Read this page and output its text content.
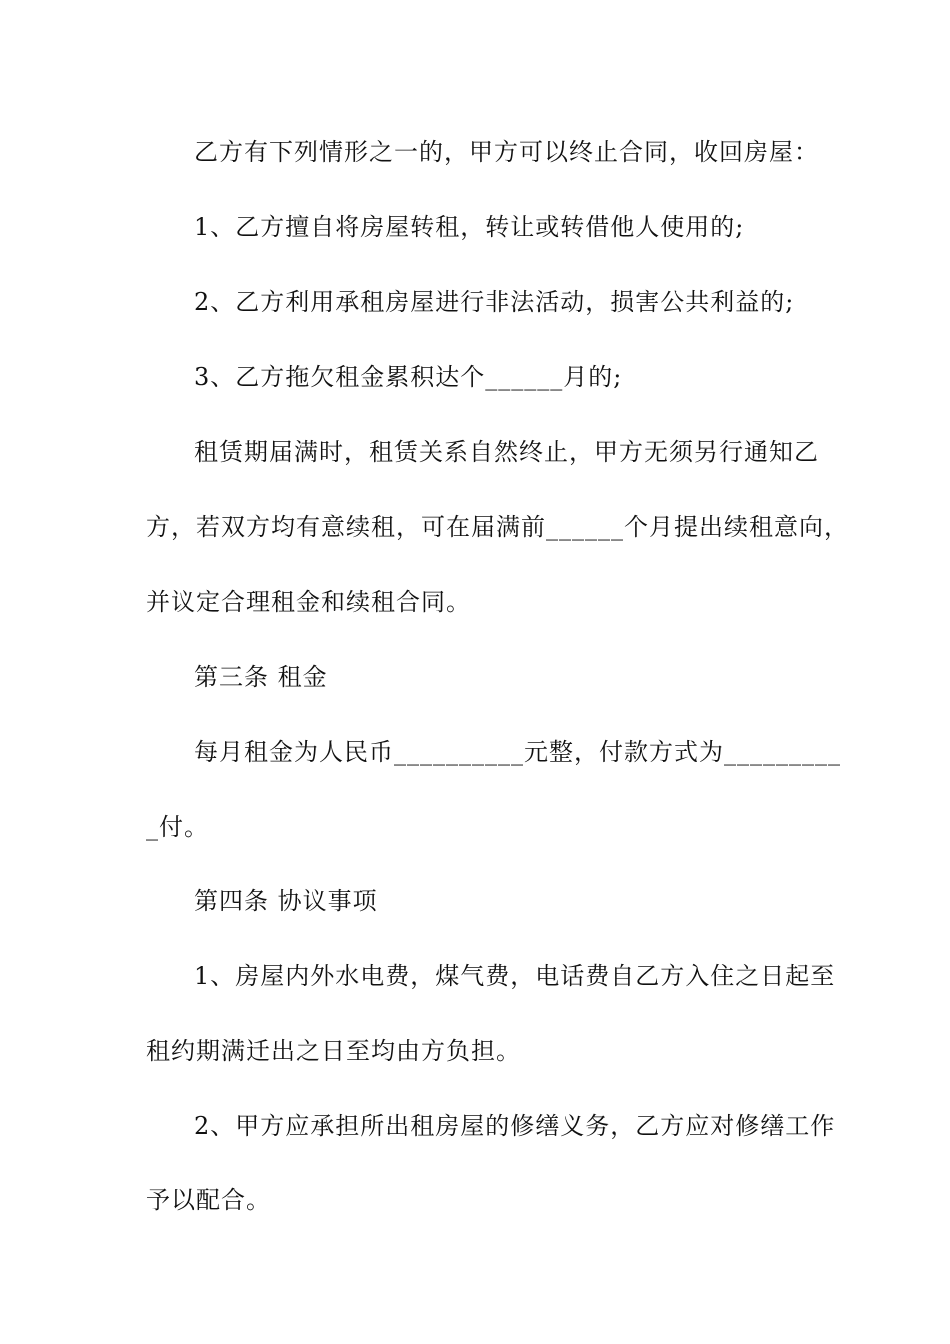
乙方有下列情形之一的，甲方可以终止合同，收回房屋：
1、乙方擅自将房屋转租，转让或转借他人使用的;
2、乙方利用承租房屋进行非法活动，损害公共利益的;
3、乙方拖欠租金累积达个______月的;
租赁期届满时，租赁关系自然终止，甲方无须另行通知乙
方，若双方均有意续租，可在届满前______个月提出续租意向，
并议定合理租金和续租合同。
第三条 租金
每月租金为人民币__________元整，付款方式为_________
_付。
第四条 协议事项
1、房屋内外水电费，煤气费，电话费自乙方入住之日起至
租约期满迁出之日至均由方负担。
2、甲方应承担所出租房屋的修缮义务，乙方应对修缮工作
予以配合。
